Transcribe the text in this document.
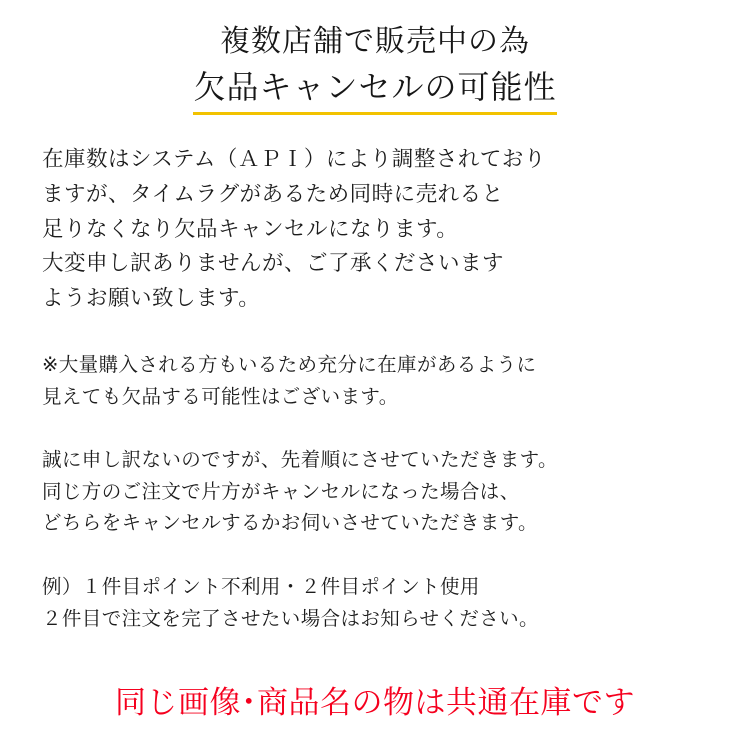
複数店舗で販売中の為
欠品キャンセルの可能性

在庫数はシステム（ＡＰＩ）により調整されており

ますが、タイムラグがあるため同時に売れると

足りなくなり欠品キャンセルになります。

大変申し訳ありませんが、ご了承くださいます

ようお願い致します。

※大量購入される方もいるため充分に在庫があるように

見えても欠品する可能性はございます。

誠に申し訳ないのですが、先着順にさせていただきます。

同じ方のご注文で片方がキャンセルになった場合は、

どちらをキャンセルするかお伺いさせていただきます。

例）１件目ポイント不利用・２件目ポイント使用

２件目で注文を完了させたい場合はお知らせください。

同じ画像･商品名の物は共通在庫です
